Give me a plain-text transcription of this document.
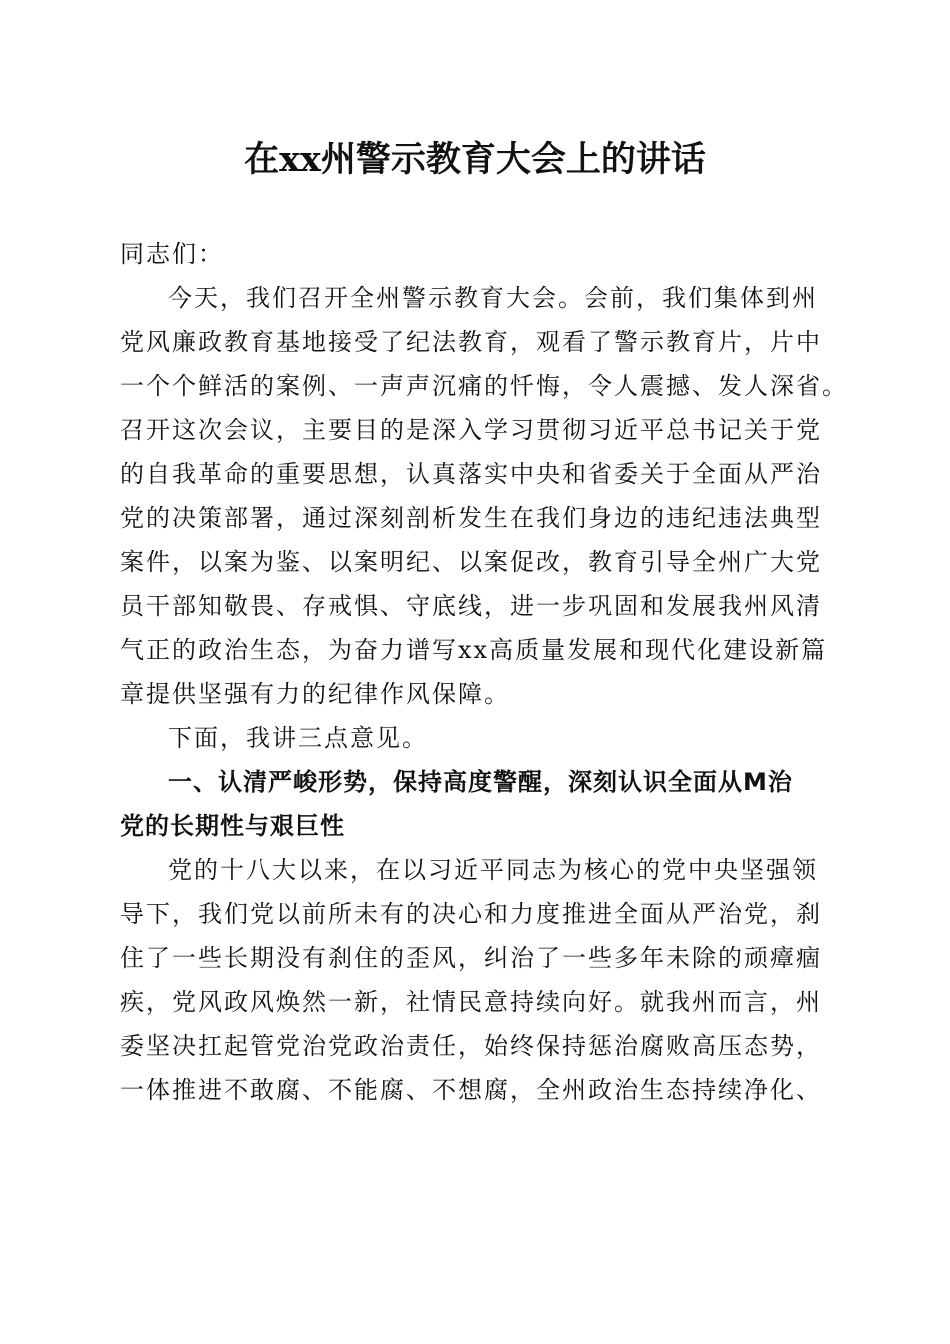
在xx州警示教育大会上的讲话

同志们：

今天，我们召开全州警示教育大会。会前，我们集体到州

党风廉政教育基地接受了纪法教育，观看了警示教育片，片中

一个个鲜活的案例、一声声沉痛的忏悔，令人震撼、发人深省。

召开这次会议，主要目的是深入学习贯彻习近平总书记关于党

的自我革命的重要思想，认真落实中央和省委关于全面从严治

党的决策部署，通过深刻剖析发生在我们身边的违纪违法典型

案件，以案为鉴、以案明纪、以案促改，教育引导全州广大党

员干部知敬畏、存戒惧、守底线，进一步巩固和发展我州风清

气正的政治生态，为奋力谱写xx高质量发展和现代化建设新篇

章提供坚强有力的纪律作风保障。

下面，我讲三点意见。

一、认清严峻形势，保持高度警醒，深刻认识全面从M治

党的长期性与艰巨性

党的十八大以来，在以习近平同志为核心的党中央坚强领

导下，我们党以前所未有的决心和力度推进全面从严治党，刹

住了一些长期没有刹住的歪风，纠治了一些多年未除的顽瘴痼

疾，党风政风焕然一新，社情民意持续向好。就我州而言，州

委坚决扛起管党治党政治责任，始终保持惩治腐败高压态势，

一体推进不敢腐、不能腐、不想腐，全州政治生态持续净化、
